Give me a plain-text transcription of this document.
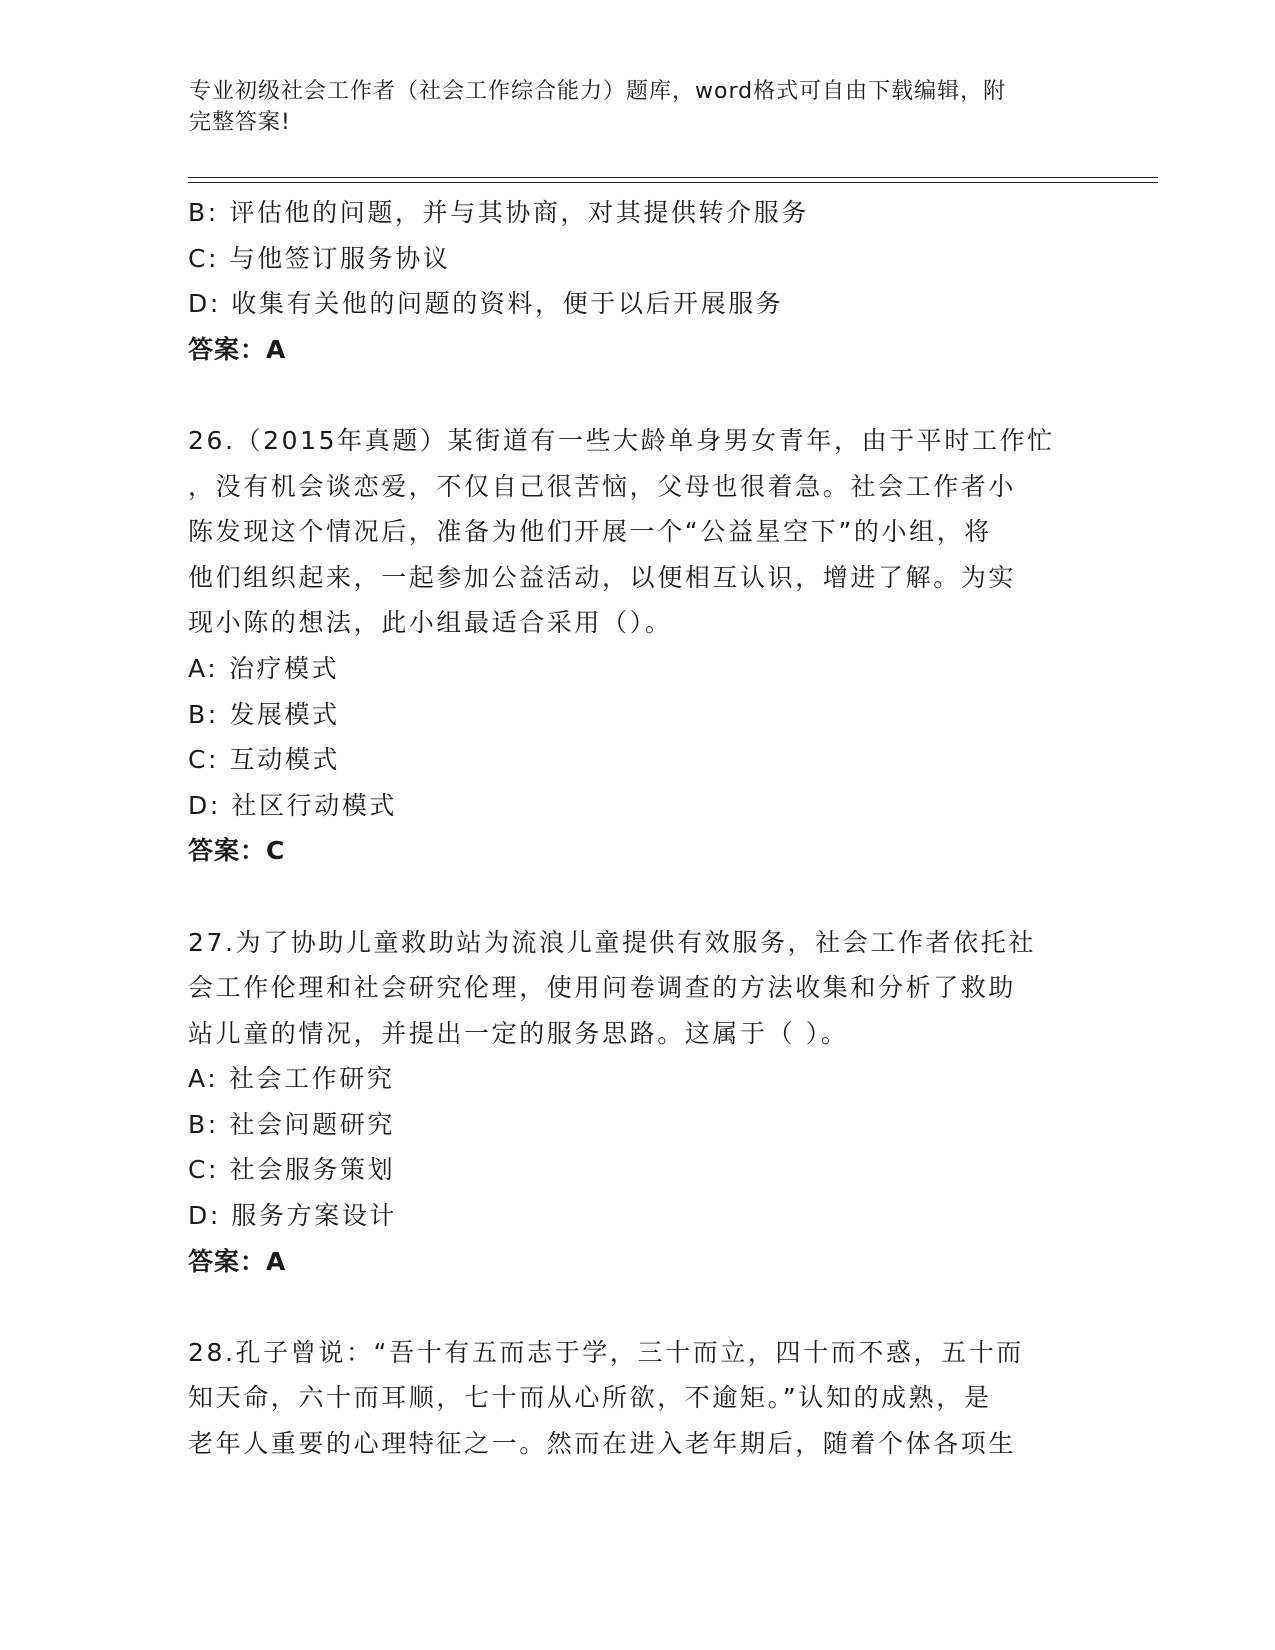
专业初级社会工作者（社会工作综合能力）题库，word格式可自由下载编辑，附
完整答案!
B: 评估他的问题，并与其协商，对其提供转介服务
C: 与他签订服务协议
D: 收集有关他的问题的资料，便于以后开展服务
答案：A
26.（2015年真题）某街道有一些大龄单身男女青年，由于平时工作忙
，没有机会谈恋爱，不仅自己很苦恼，父母也很着急。社会工作者小
陈发现这个情况后，准备为他们开展一个“公益星空下”的小组，将
他们组织起来，一起参加公益活动，以便相互认识，增进了解。为实
现小陈的想法，此小组最适合采用（）。
A: 治疗模式
B: 发展模式
C: 互动模式
D: 社区行动模式
答案：C
27.为了协助儿童救助站为流浪儿童提供有效服务，社会工作者依托社
会工作伦理和社会研究伦理，使用问卷调查的方法收集和分析了救助
站儿童的情况，并提出一定的服务思路。这属于（ ）。
A: 社会工作研究
B: 社会问题研究
C: 社会服务策划
D: 服务方案设计
答案：A
28.孔子曾说：“吾十有五而志于学，三十而立，四十而不惑，五十而
知天命，六十而耳顺，七十而从心所欲，不逾矩。”认知的成熟，是
老年人重要的心理特征之一。然而在进入老年期后，随着个体各项生
